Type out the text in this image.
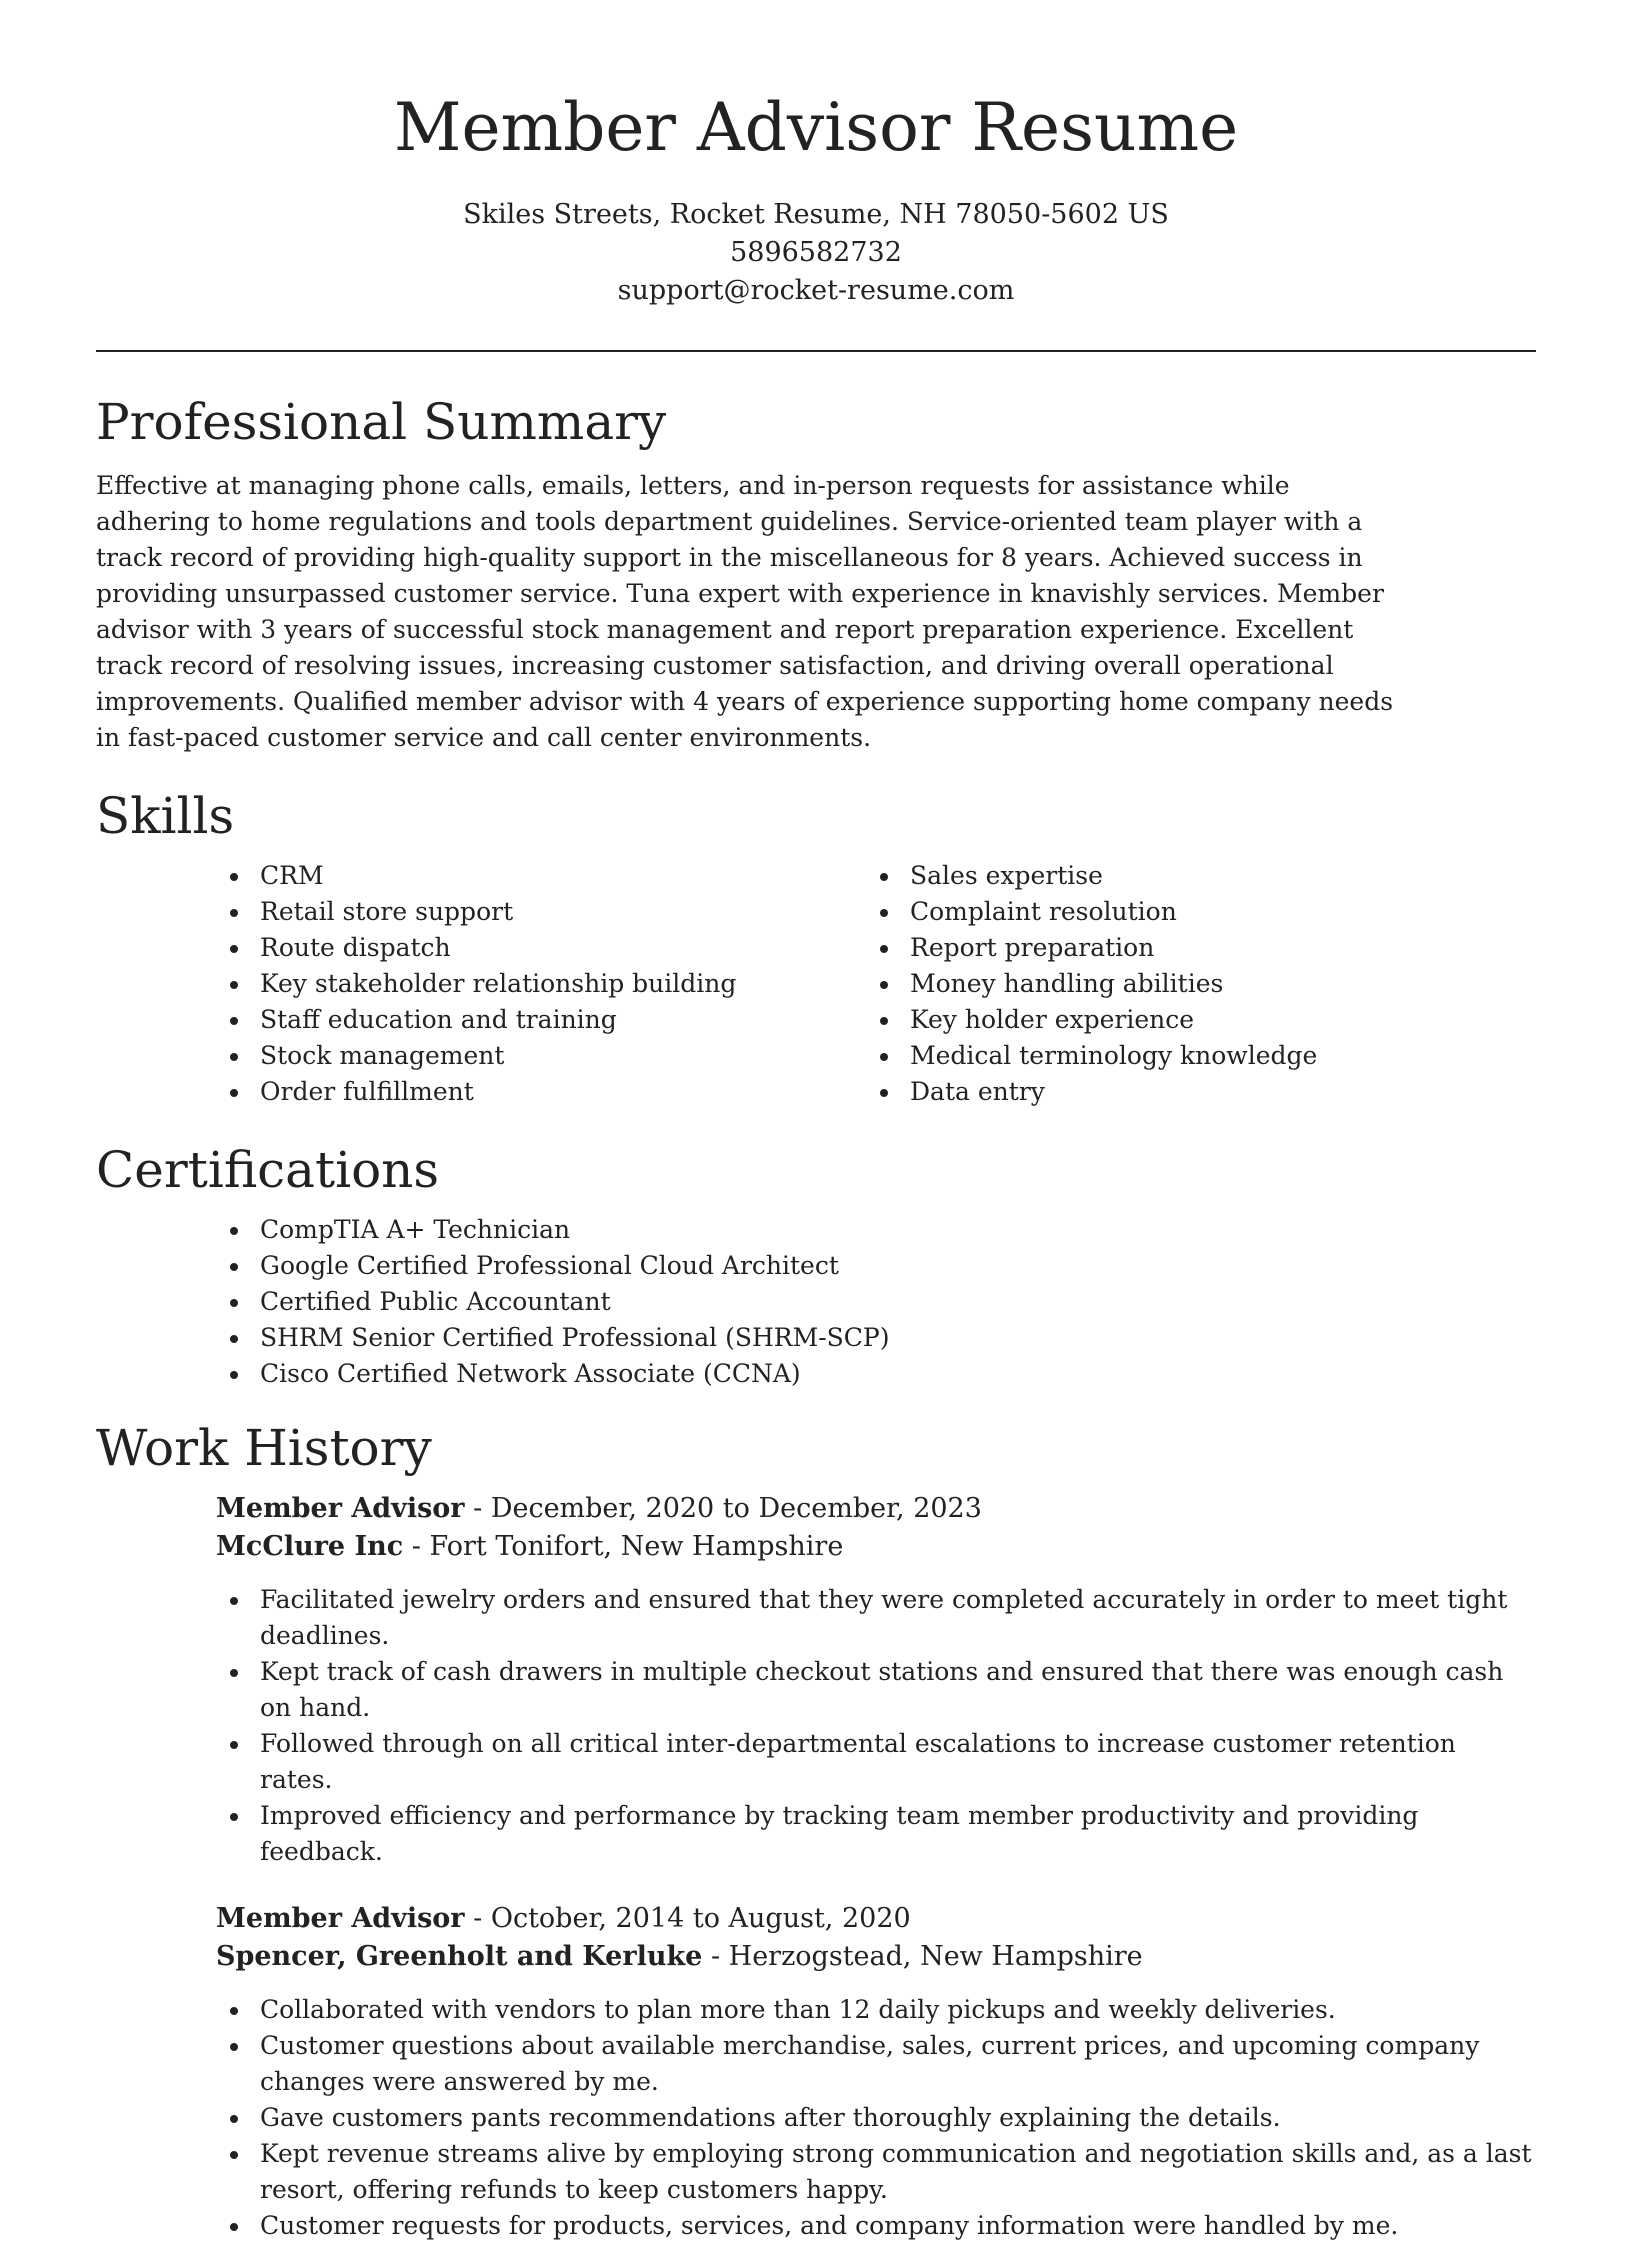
Member Advisor Resume

Skiles Streets, Rocket Resume, NH 78050-5602 US

5896582732

support@rocket-resume.com

Professional Summary

Effective at managing phone calls, emails, letters, and in-person requests for assistance while adhering to home regulations and tools department guidelines. Service-oriented team player with a track record of providing high-quality support in the miscellaneous for 8 years. Achieved success in providing unsurpassed customer service. Tuna expert with experience in knavishly services. Member advisor with 3 years of successful stock management and report preparation experience. Excellent track record of resolving issues, increasing customer satisfaction, and driving overall operational improvements. Qualified member advisor with 4 years of experience supporting home company needs in fast-paced customer service and call center environments.

Skills
CRM
Retail store support
Route dispatch
Key stakeholder relationship building
Staff education and training
Stock management
Order fulfillment
Sales expertise
Complaint resolution
Report preparation
Money handling abilities
Key holder experience
Medical terminology knowledge
Data entry
Certifications
CompTIA A+ Technician
Google Certified Professional Cloud Architect
Certified Public Accountant
SHRM Senior Certified Professional (SHRM-SCP)
Cisco Certified Network Associate (CCNA)
Work History

Member Advisor - December, 2020 to December, 2023

McClure Inc - Fort Tonifort, New Hampshire

Facilitated jewelry orders and ensured that they were completed accurately in order to meet tight deadlines.
Kept track of cash drawers in multiple checkout stations and ensured that there was enough cash on hand.
Followed through on all critical inter-departmental escalations to increase customer retention rates.
Improved efficiency and performance by tracking team member productivity and providing feedback.

Member Advisor - October, 2014 to August, 2020

Spencer, Greenholt and Kerluke - Herzogstead, New Hampshire

Collaborated with vendors to plan more than 12 daily pickups and weekly deliveries.
Customer questions about available merchandise, sales, current prices, and upcoming company changes were answered by me.
Gave customers pants recommendations after thoroughly explaining the details.
Kept revenue streams alive by employing strong communication and negotiation skills and, as a last resort, offering refunds to keep customers happy.
Customer requests for products, services, and company information were handled by me.
